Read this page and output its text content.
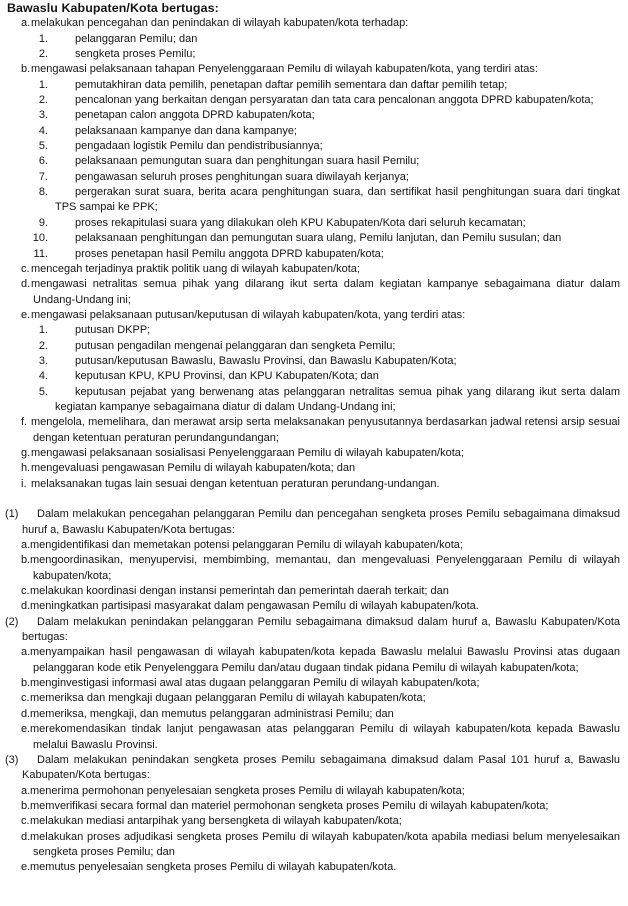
Bawaslu Kabupaten/Kota bertugas:
a. melakukan pencegahan dan penindakan di wilayah kabupaten/kota terhadap:
1. pelanggaran Pemilu; dan
2. sengketa proses Pemilu;
b. mengawasi pelaksanaan tahapan Penyelenggaraan Pemilu di wilayah kabupaten/kota, yang terdiri atas:
1. pemutakhiran data pemilih, penetapan daftar pemilih sementara dan daftar pemilih tetap;
2. pencalonan yang berkaitan dengan persyaratan dan tata cara pencalonan anggota DPRD kabupaten/kota;
3. penetapan calon anggota DPRD kabupaten/kota;
4. pelaksanaan kampanye dan dana kampanye;
5. pengadaan logistik Pemilu dan pendistribusiannya;
6. pelaksanaan pemungutan suara dan penghitungan suara hasil Pemilu;
7. pengawasan seluruh proses penghitungan suara diwilayah kerjanya;
8. pergerakan surat suara, berita acara penghitungan suara, dan sertifikat hasil penghitungan suara dari tingkat TPS sampai ke PPK;
9. proses rekapitulasi suara yang dilakukan oleh KPU Kabupaten/Kota dari seluruh kecamatan;
10. pelaksanaan penghitungan dan pemungutan suara ulang, Pemilu lanjutan, dan Pemilu susulan; dan
11. proses penetapan hasil Pemilu anggota DPRD kabupaten/kota;
c. mencegah terjadinya praktik politik uang di wilayah kabupaten/kota;
d. mengawasi netralitas semua pihak yang dilarang ikut serta dalam kegiatan kampanye sebagaimana diatur dalam Undang-Undang ini;
e. mengawasi pelaksanaan putusan/keputusan di wilayah kabupaten/kota, yang terdiri atas:
1. putusan DKPP;
2. putusan pengadilan mengenai pelanggaran dan sengketa Pemilu;
3. putusan/keputusan Bawaslu, Bawaslu Provinsi, dan Bawaslu Kabupaten/Kota;
4. keputusan KPU, KPU Provinsi, dan KPU Kabupaten/Kota; dan
5. keputusan pejabat yang berwenang atas pelanggaran netralitas semua pihak yang dilarang ikut serta dalam kegiatan kampanye sebagaimana diatur di dalam Undang-Undang ini;
f. mengelola, memelihara, dan merawat arsip serta melaksanakan penyusutannya berdasarkan jadwal retensi arsip sesuai dengan ketentuan peraturan perundangundangan;
g. mengawasi pelaksanaan sosialisasi Penyelenggaraan Pemilu di wilayah kabupaten/kota;
h. mengevaluasi pengawasan Pemilu di wilayah kabupaten/kota; dan
i. melaksanakan tugas lain sesuai dengan ketentuan peraturan perundang-undangan.
(1) Dalam melakukan pencegahan pelanggaran Pemilu dan pencegahan sengketa proses Pemilu sebagaimana dimaksud huruf a, Bawaslu Kabupaten/Kota bertugas:
a. mengidentifikasi dan memetakan potensi pelanggaran Pemilu di wilayah kabupaten/kota;
b. mengoordinasikan, menyupervisi, membimbing, memantau, dan mengevaluasi Penyelenggaraan Pemilu di wilayah kabupaten/kota;
c. melakukan koordinasi dengan instansi pemerintah dan pemerintah daerah terkait; dan
d. meningkatkan partisipasi masyarakat dalam pengawasan Pemilu di wilayah kabupaten/kota.
(2) Dalam melakukan penindakan pelanggaran Pemilu sebagaimana dimaksud dalam huruf a, Bawaslu Kabupaten/Kota bertugas:
a. menyampaikan hasil pengawasan di wilayah kabupaten/kota kepada Bawaslu melalui Bawaslu Provinsi atas dugaan pelanggaran kode etik Penyelenggara Pemilu dan/atau dugaan tindak pidana Pemilu di wilayah kabupaten/kota;
b. menginvestigasi informasi awal atas dugaan pelanggaran Pemilu di wilayah kabupaten/kota;
c. memeriksa dan mengkaji dugaan pelanggaran Pemilu di wilayah kabupaten/kota;
d. memeriksa, mengkaji, dan memutus pelanggaran administrasi Pemilu; dan
e. merekomendasikan tindak lanjut pengawasan atas pelanggaran Pemilu di wilayah kabupaten/kota kepada Bawaslu melalui Bawaslu Provinsi.
(3) Dalam melakukan penindakan sengketa proses Pemilu sebagaimana dimaksud dalam Pasal 101 huruf a, Bawaslu Kabupaten/Kota bertugas:
a. menerima permohonan penyelesaian sengketa proses Pemilu di wilayah kabupaten/kota;
b. memverifikasi secara formal dan materiel permohonan sengketa proses Pemilu di wilayah kabupaten/kota;
c. melakukan mediasi antarpihak yang bersengketa di wilayah kabupaten/kota;
d. melakukan proses adjudikasi sengketa proses Pemilu di wilayah kabupaten/kota apabila mediasi belum menyelesaikan sengketa proses Pemilu; dan
e. memutus penyelesaian sengketa proses Pemilu di wilayah kabupaten/kota.
